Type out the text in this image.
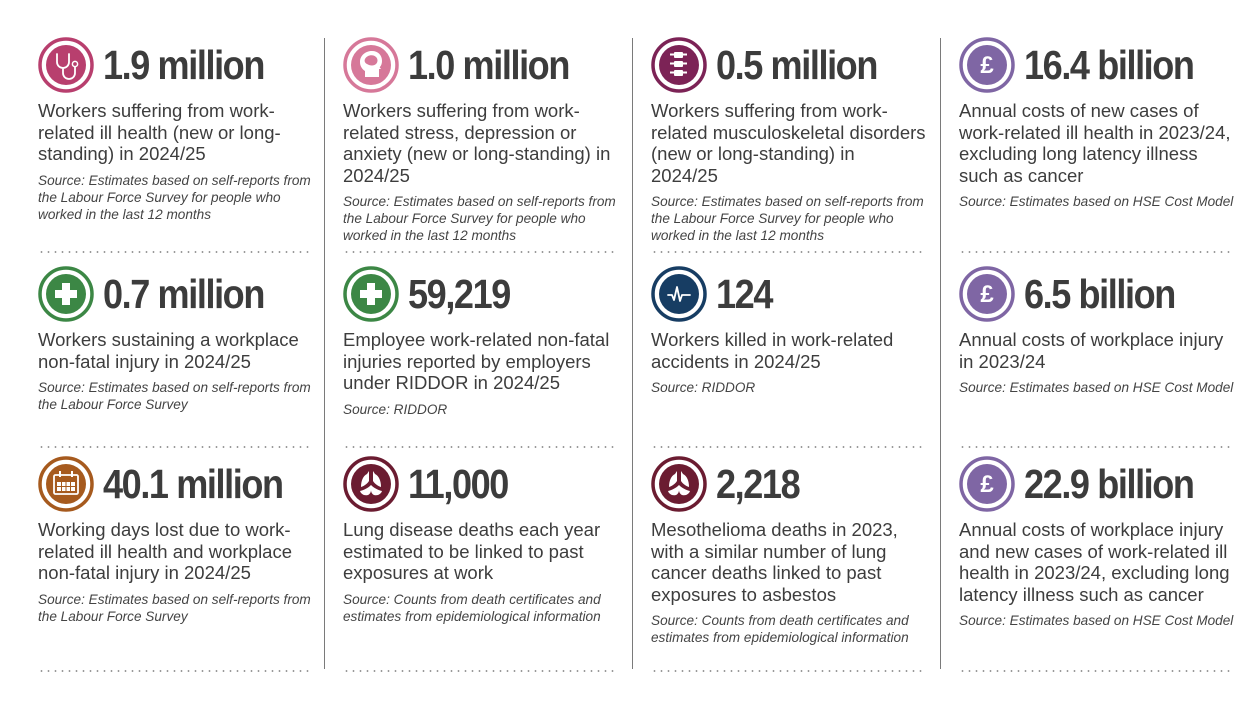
1.9 million
Workers suffering from work-related ill health (new or long-standing) in 2024/25
Source: Estimates based on self-reports from the Labour Force Survey for people who worked in the last 12 months
0.7 million
Workers sustaining a workplace non-fatal injury in 2024/25
Source: Estimates based on self-reports from the Labour Force Survey
40.1 million
Working days lost due to work-related ill health and workplace non-fatal injury in 2024/25
Source: Estimates based on self-reports from the Labour Force Survey
1.0 million
Workers suffering from work-related stress, depression or anxiety (new or long-standing) in 2024/25
Source: Estimates based on self-reports from the Labour Force Survey for people who worked in the last 12 months
59,219
Employee work-related non-fatal injuries reported by employers under RIDDOR in 2024/25
Source: RIDDOR
11,000
Lung disease deaths each year estimated to be linked to past exposures at work
Source: Counts from death certificates and estimates from epidemiological information
0.5 million
Workers suffering from work-related musculoskeletal disorders (new or long-standing) in 2024/25
Source: Estimates based on self-reports from the Labour Force Survey for people who worked in the last 12 months
124
Workers killed in work-related accidents in 2024/25
Source: RIDDOR
2,218
Mesothelioma deaths in 2023, with a similar number of lung cancer deaths linked to past exposures to asbestos
Source: Counts from death certificates and estimates from epidemiological information
£ 16.4 billion
Annual costs of new cases of work-related ill health in 2023/24, excluding long latency illness such as cancer
Source: Estimates based on HSE Cost Model
£ 6.5 billion
Annual costs of workplace injury in 2023/24
Source: Estimates based on HSE Cost Model
£ 22.9 billion
Annual costs of workplace injury and new cases of work-related ill health in 2023/24, excluding long latency illness such as cancer
Source: Estimates based on HSE Cost Model
